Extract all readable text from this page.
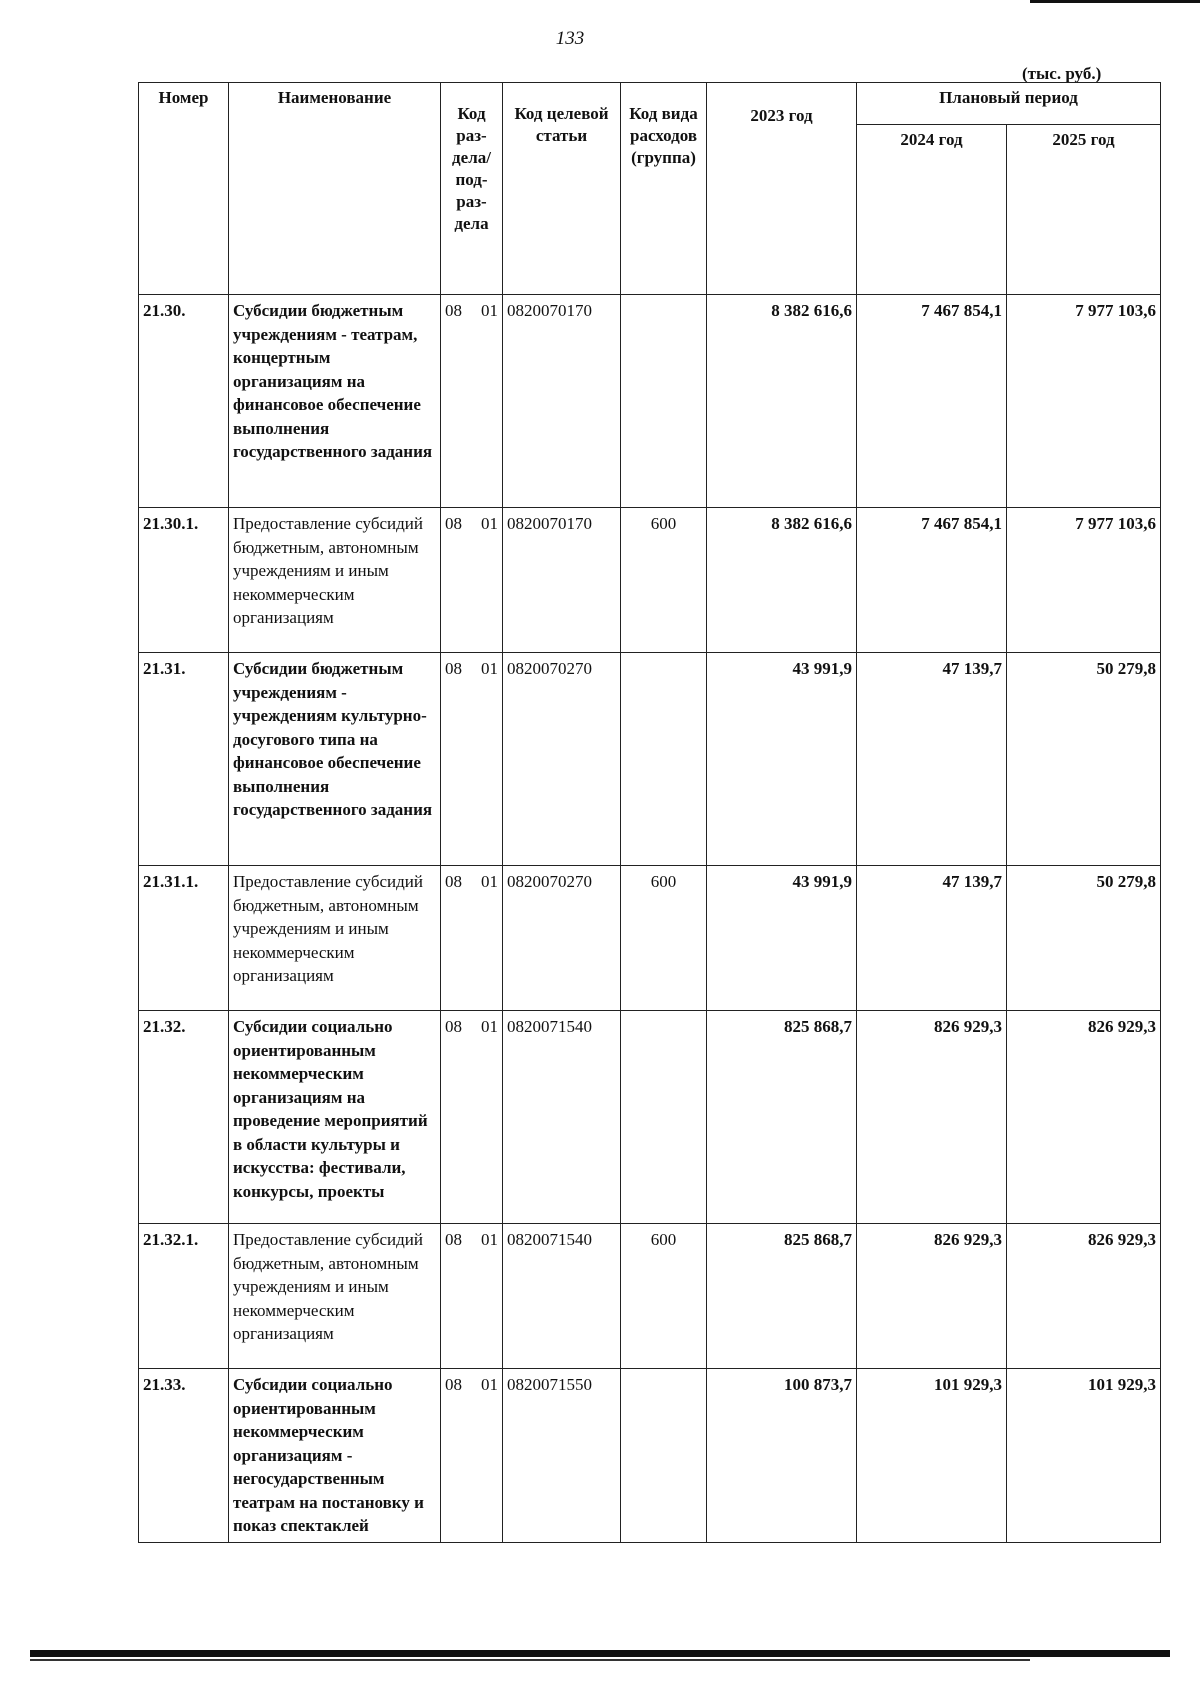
133
(тыс. руб.)
Номер	Наименование	Код раз- дела/ под- раз- дела	Код целевой статьи	Код вида расходов (группа)	2023 год	Плановый период	
						2024 год	2025 год
21.30.	Субсидии бюджетным учреждениям - театрам, концертным организациям на финансовое обеспечение выполнения государственного задания	08 01	0820070170		8 382 616,6	7 467 854,1	7 977 103,6
21.30.1.	Предоставление субсидий бюджетным, автономным учреждениям и иным некоммерческим организациям	08 01	0820070170	600	8 382 616,6	7 467 854,1	7 977 103,6
21.31.	Субсидии бюджетным учреждениям - учреждениям культурно-досугового типа на финансовое обеспечение выполнения государственного задания	08 01	0820070270		43 991,9	47 139,7	50 279,8
21.31.1.	Предоставление субсидий бюджетным, автономным учреждениям и иным некоммерческим организациям	08 01	0820070270	600	43 991,9	47 139,7	50 279,8
21.32.	Субсидии социально ориентированным некоммерческим организациям на проведение мероприятий в области культуры и искусства: фестивали, конкурсы, проекты	08 01	0820071540		825 868,7	826 929,3	826 929,3
21.32.1.	Предоставление субсидий бюджетным, автономным учреждениям и иным некоммерческим организациям	08 01	0820071540	600	825 868,7	826 929,3	826 929,3
21.33.	Субсидии социально ориентированным некоммерческим организациям - негосударственным театрам на постановку и показ спектаклей	08 01	0820071550		100 873,7	101 929,3	101 929,3
